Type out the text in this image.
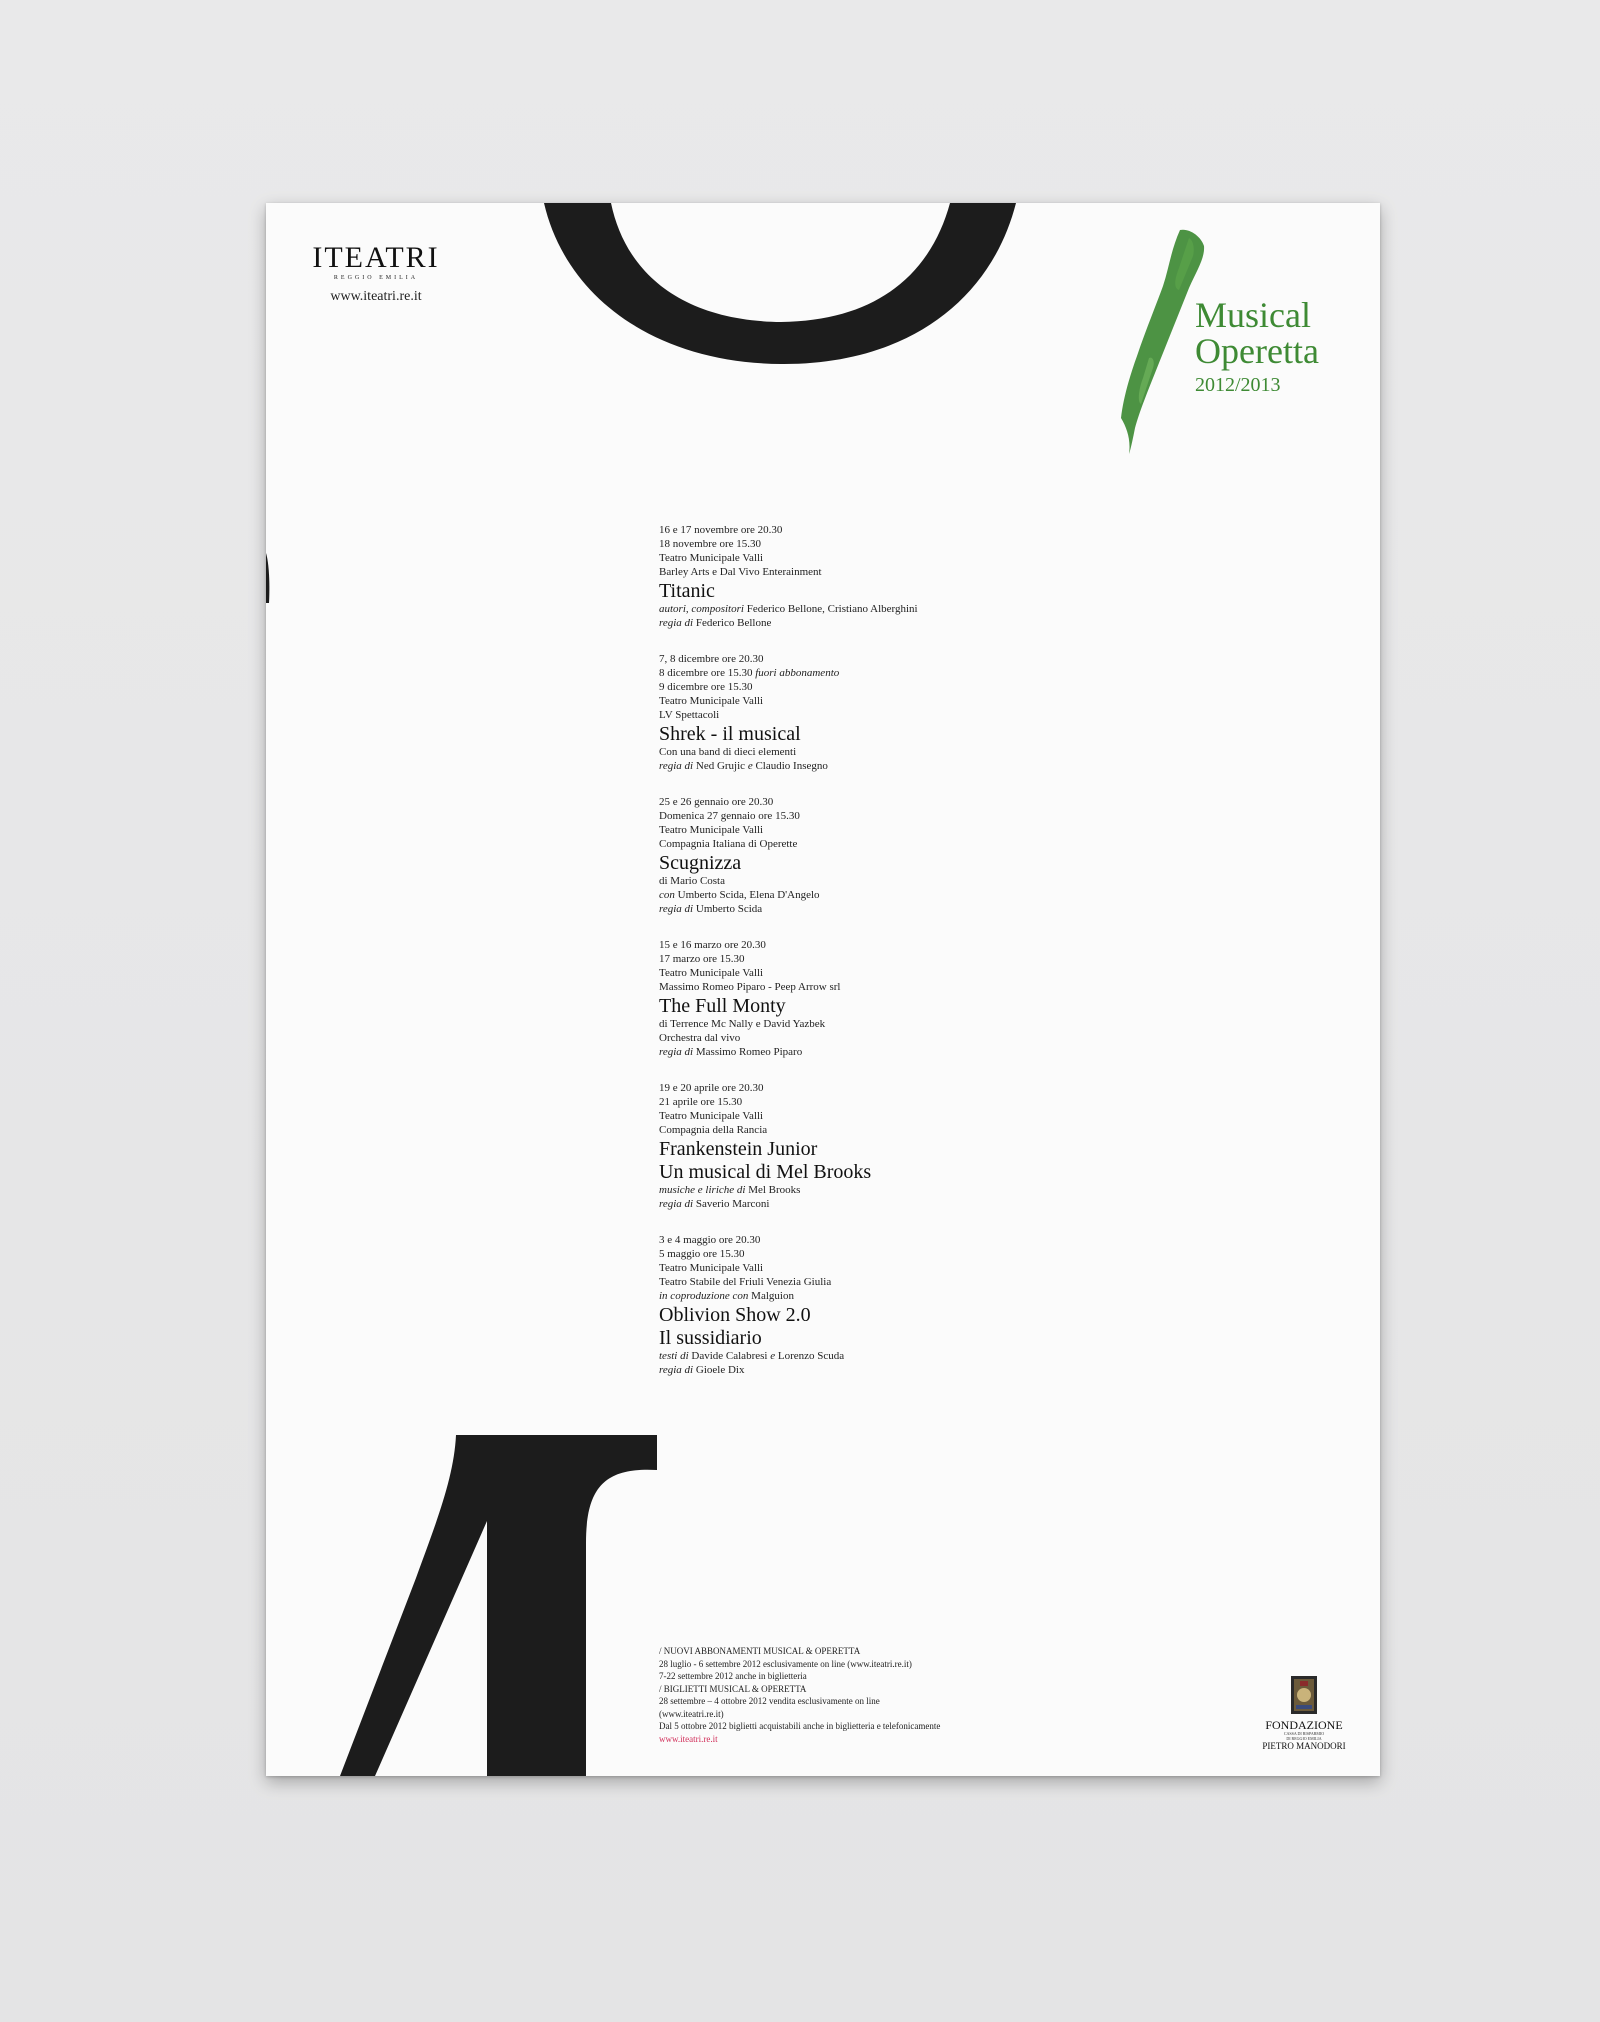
ITEATRI
REGGIO EMILIA
www.iteatri.re.it	Musical
Operetta
2012/2013
16 e 17 novembre ore 20.30
18 novembre ore 15.30
Teatro Municipale Valli
Barley Arts e Dal Vivo Enterainment
Titanic
autori, compositori Federico Bellone, Cristiano Alberghini
regia di Federico Bellone
7, 8 dicembre ore 20.30
8 dicembre ore 15.30 fuori abbonamento
9 dicembre ore 15.30
Teatro Municipale Valli
LV Spettacoli
Shrek - il musical
Con una band di dieci elementi
regia di Ned Grujic e Claudio Insegno
25 e 26 gennaio ore 20.30
Domenica 27 gennaio ore 15.30
Teatro Municipale Valli
Compagnia Italiana di Operette
Scugnizza
di Mario Costa
con Umberto Scida, Elena D'Angelo
regia di Umberto Scida
15 e 16 marzo ore 20.30
17 marzo ore 15.30
Teatro Municipale Valli
Massimo Romeo Piparo - Peep Arrow srl
The Full Monty
di Terrence Mc Nally e David Yazbek
Orchestra dal vivo
regia di Massimo Romeo Piparo
19 e 20 aprile ore 20.30
21 aprile ore 15.30
Teatro Municipale Valli
Compagnia della Rancia
Frankenstein Junior
Un musical di Mel Brooks
musiche e liriche di Mel Brooks
regia di Saverio Marconi
3 e 4 maggio ore 20.30
5 maggio ore 15.30
Teatro Municipale Valli
Teatro Stabile del Friuli Venezia Giulia
in coproduzione con Malguion
Oblivion Show 2.0
Il sussidiario
testi di Davide Calabresi e Lorenzo Scuda
regia di Gioele Dix
/ NUOVI ABBONAMENTI MUSICAL & OPERETTA
28 luglio - 6 settembre 2012 esclusivamente on line (www.iteatri.re.it)
7-22 settembre 2012 anche in biglietteria
/ BIGLIETTI MUSICAL & OPERETTA
28 settembre – 4 ottobre 2012 vendita esclusivamente on line
(www.iteatri.re.it)
Dal 5 ottobre 2012 biglietti acquistabili anche in biglietteria e telefonicamente
www.iteatri.re.it
FONDAZIONE
CASSA DI RISPARMIO
DI REGGIO EMILIA
PIETRO MANODORI
